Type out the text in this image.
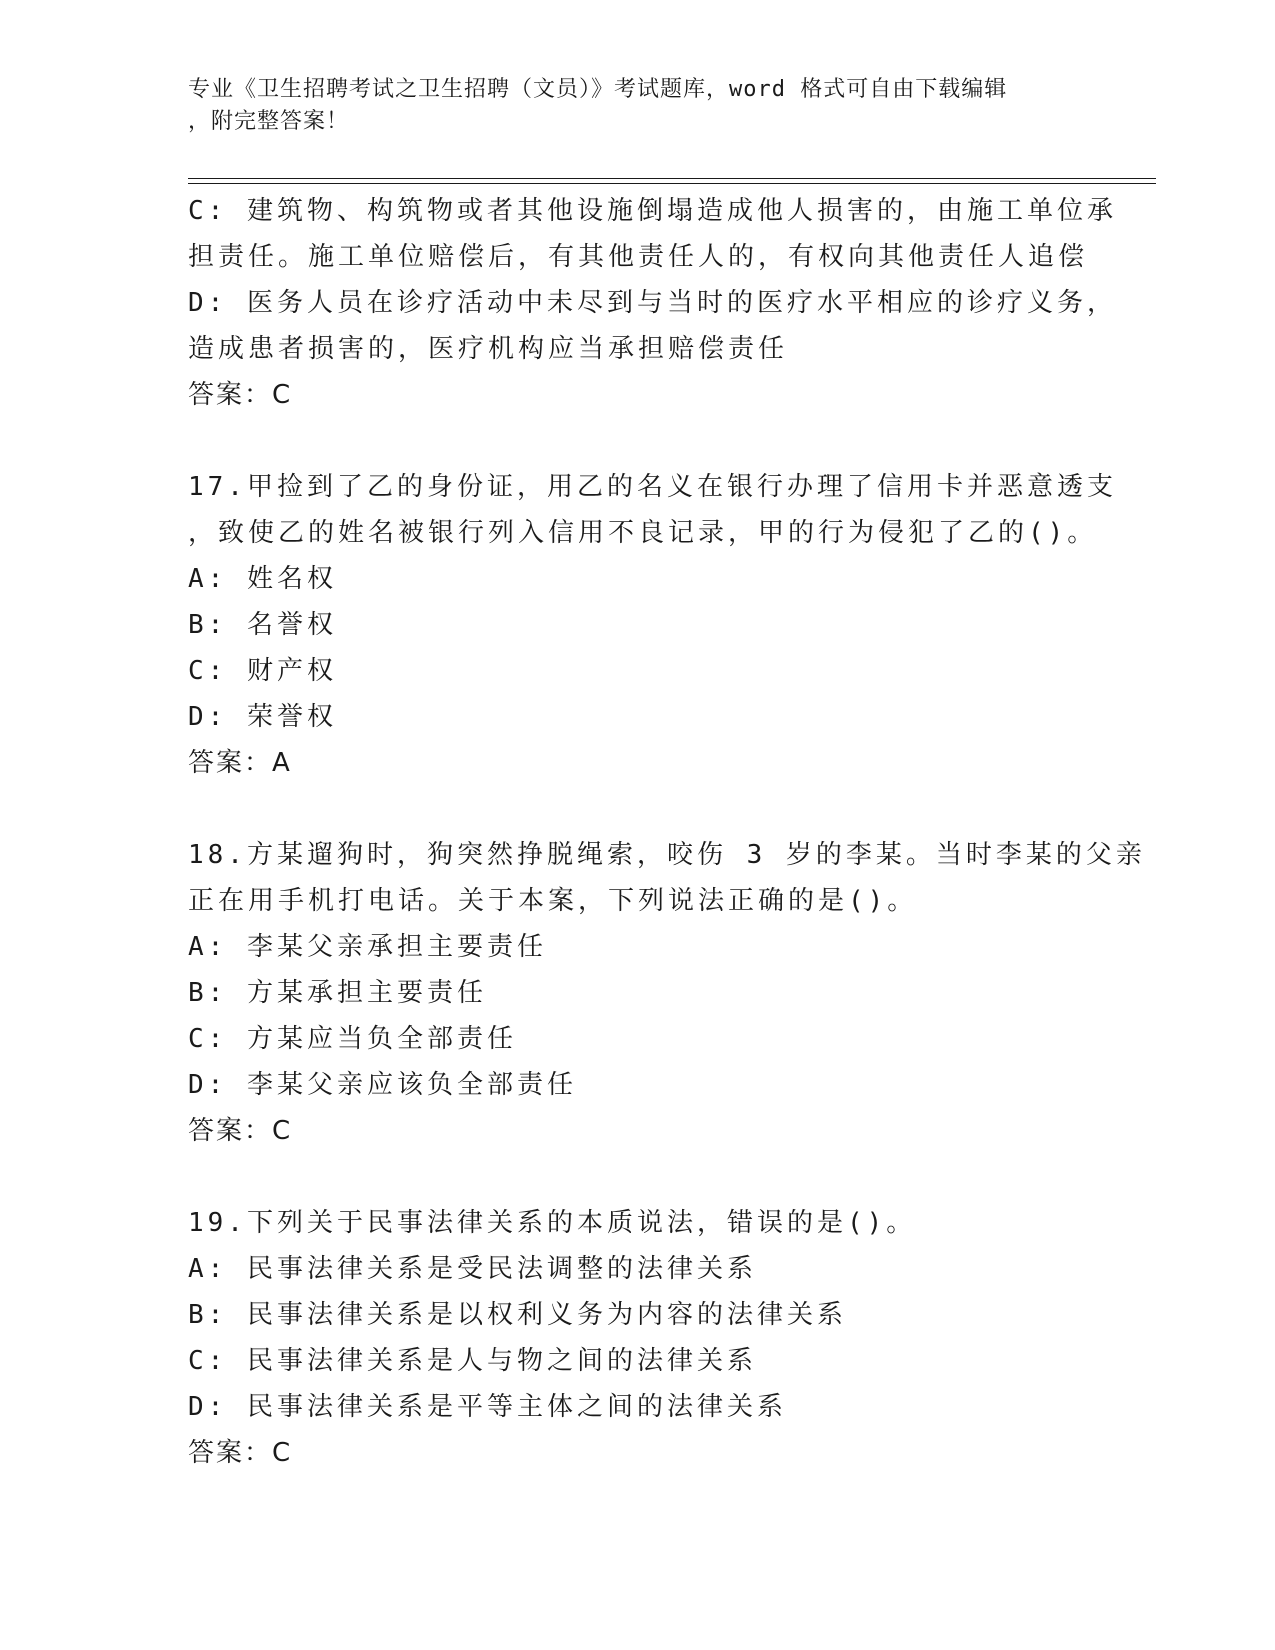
专业《卫生招聘考试之卫生招聘（文员）》考试题库，word 格式可自由下载编辑
，附完整答案！
C: 建筑物、构筑物或者其他设施倒塌造成他人损害的，由施工单位承
担责任。施工单位赔偿后，有其他责任人的，有权向其他责任人追偿
D: 医务人员在诊疗活动中未尽到与当时的医疗水平相应的诊疗义务，
造成患者损害的，医疗机构应当承担赔偿责任
答案：C
17.甲捡到了乙的身份证，用乙的名义在银行办理了信用卡并恶意透支
，致使乙的姓名被银行列入信用不良记录，甲的行为侵犯了乙的()。
A: 姓名权
B: 名誉权
C: 财产权
D: 荣誉权
答案：A
18.方某遛狗时，狗突然挣脱绳索，咬伤 3 岁的李某。当时李某的父亲
正在用手机打电话。关于本案，下列说法正确的是()。
A: 李某父亲承担主要责任
B: 方某承担主要责任
C: 方某应当负全部责任
D: 李某父亲应该负全部责任
答案：C
19.下列关于民事法律关系的本质说法，错误的是()。
A: 民事法律关系是受民法调整的法律关系
B: 民事法律关系是以权利义务为内容的法律关系
C: 民事法律关系是人与物之间的法律关系
D: 民事法律关系是平等主体之间的法律关系
答案：C
